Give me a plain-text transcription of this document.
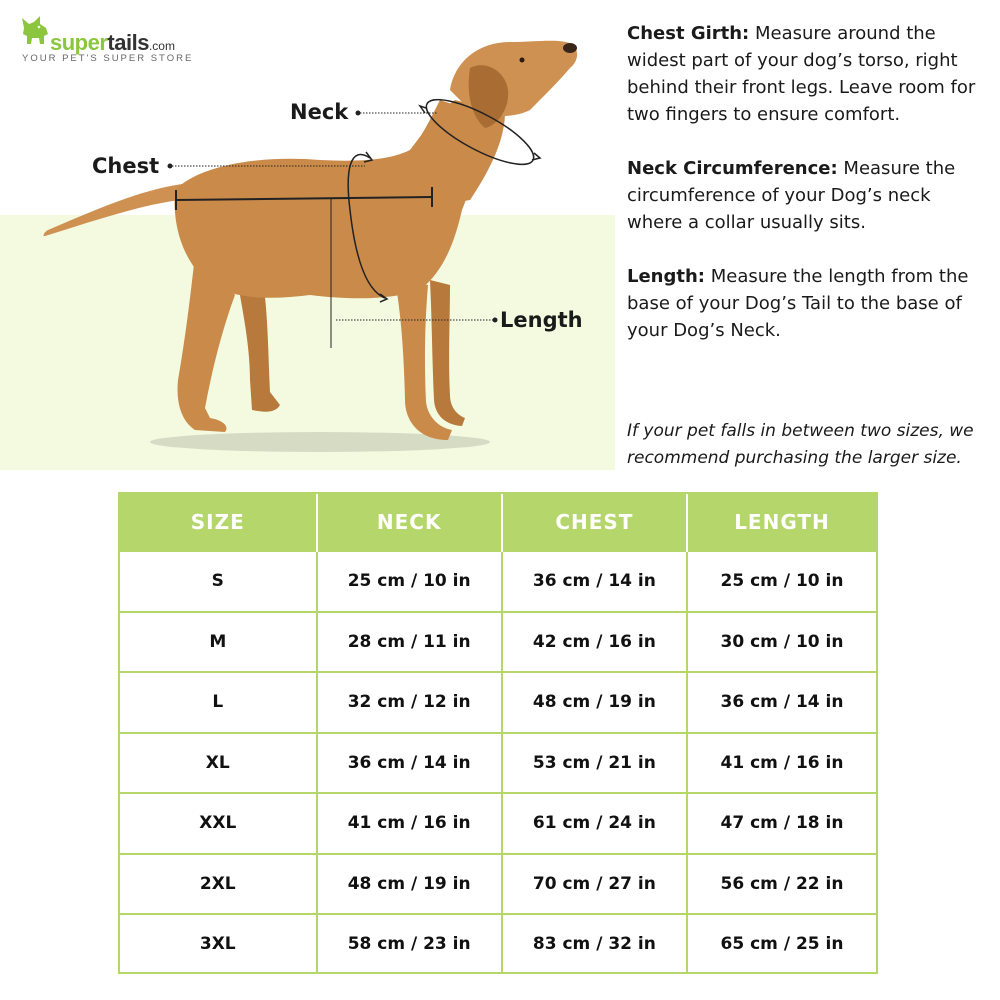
supertails.com
YOUR PET'S SUPER STORE
Neck
Chest
Length

Chest Girth: Measure around the widest part of your dog’s torso, right behind their front legs. Leave room for two fingers to ensure comfort.

Neck Circumference: Measure the circumference of your Dog’s neck where a collar usually sits.

Length: Measure the length from the base of your Dog’s Tail to the base of your Dog’s Neck.

If your pet falls in between two sizes, we recommend purchasing the larger size.
SIZE	NECK	CHEST	LENGTH
S	25 cm / 10 in	36 cm / 14 in	25 cm / 10 in
M	28 cm / 11 in	42 cm / 16 in	30 cm / 10 in
L	32 cm / 12 in	48 cm / 19 in	36 cm / 14 in
XL	36 cm / 14 in	53 cm / 21 in	41 cm / 16 in
XXL	41 cm / 16 in	61 cm / 24 in	47 cm / 18 in
2XL	48 cm / 19 in	70 cm / 27 in	56 cm / 22 in
3XL	58 cm / 23 in	83 cm / 32 in	65 cm / 25 in
